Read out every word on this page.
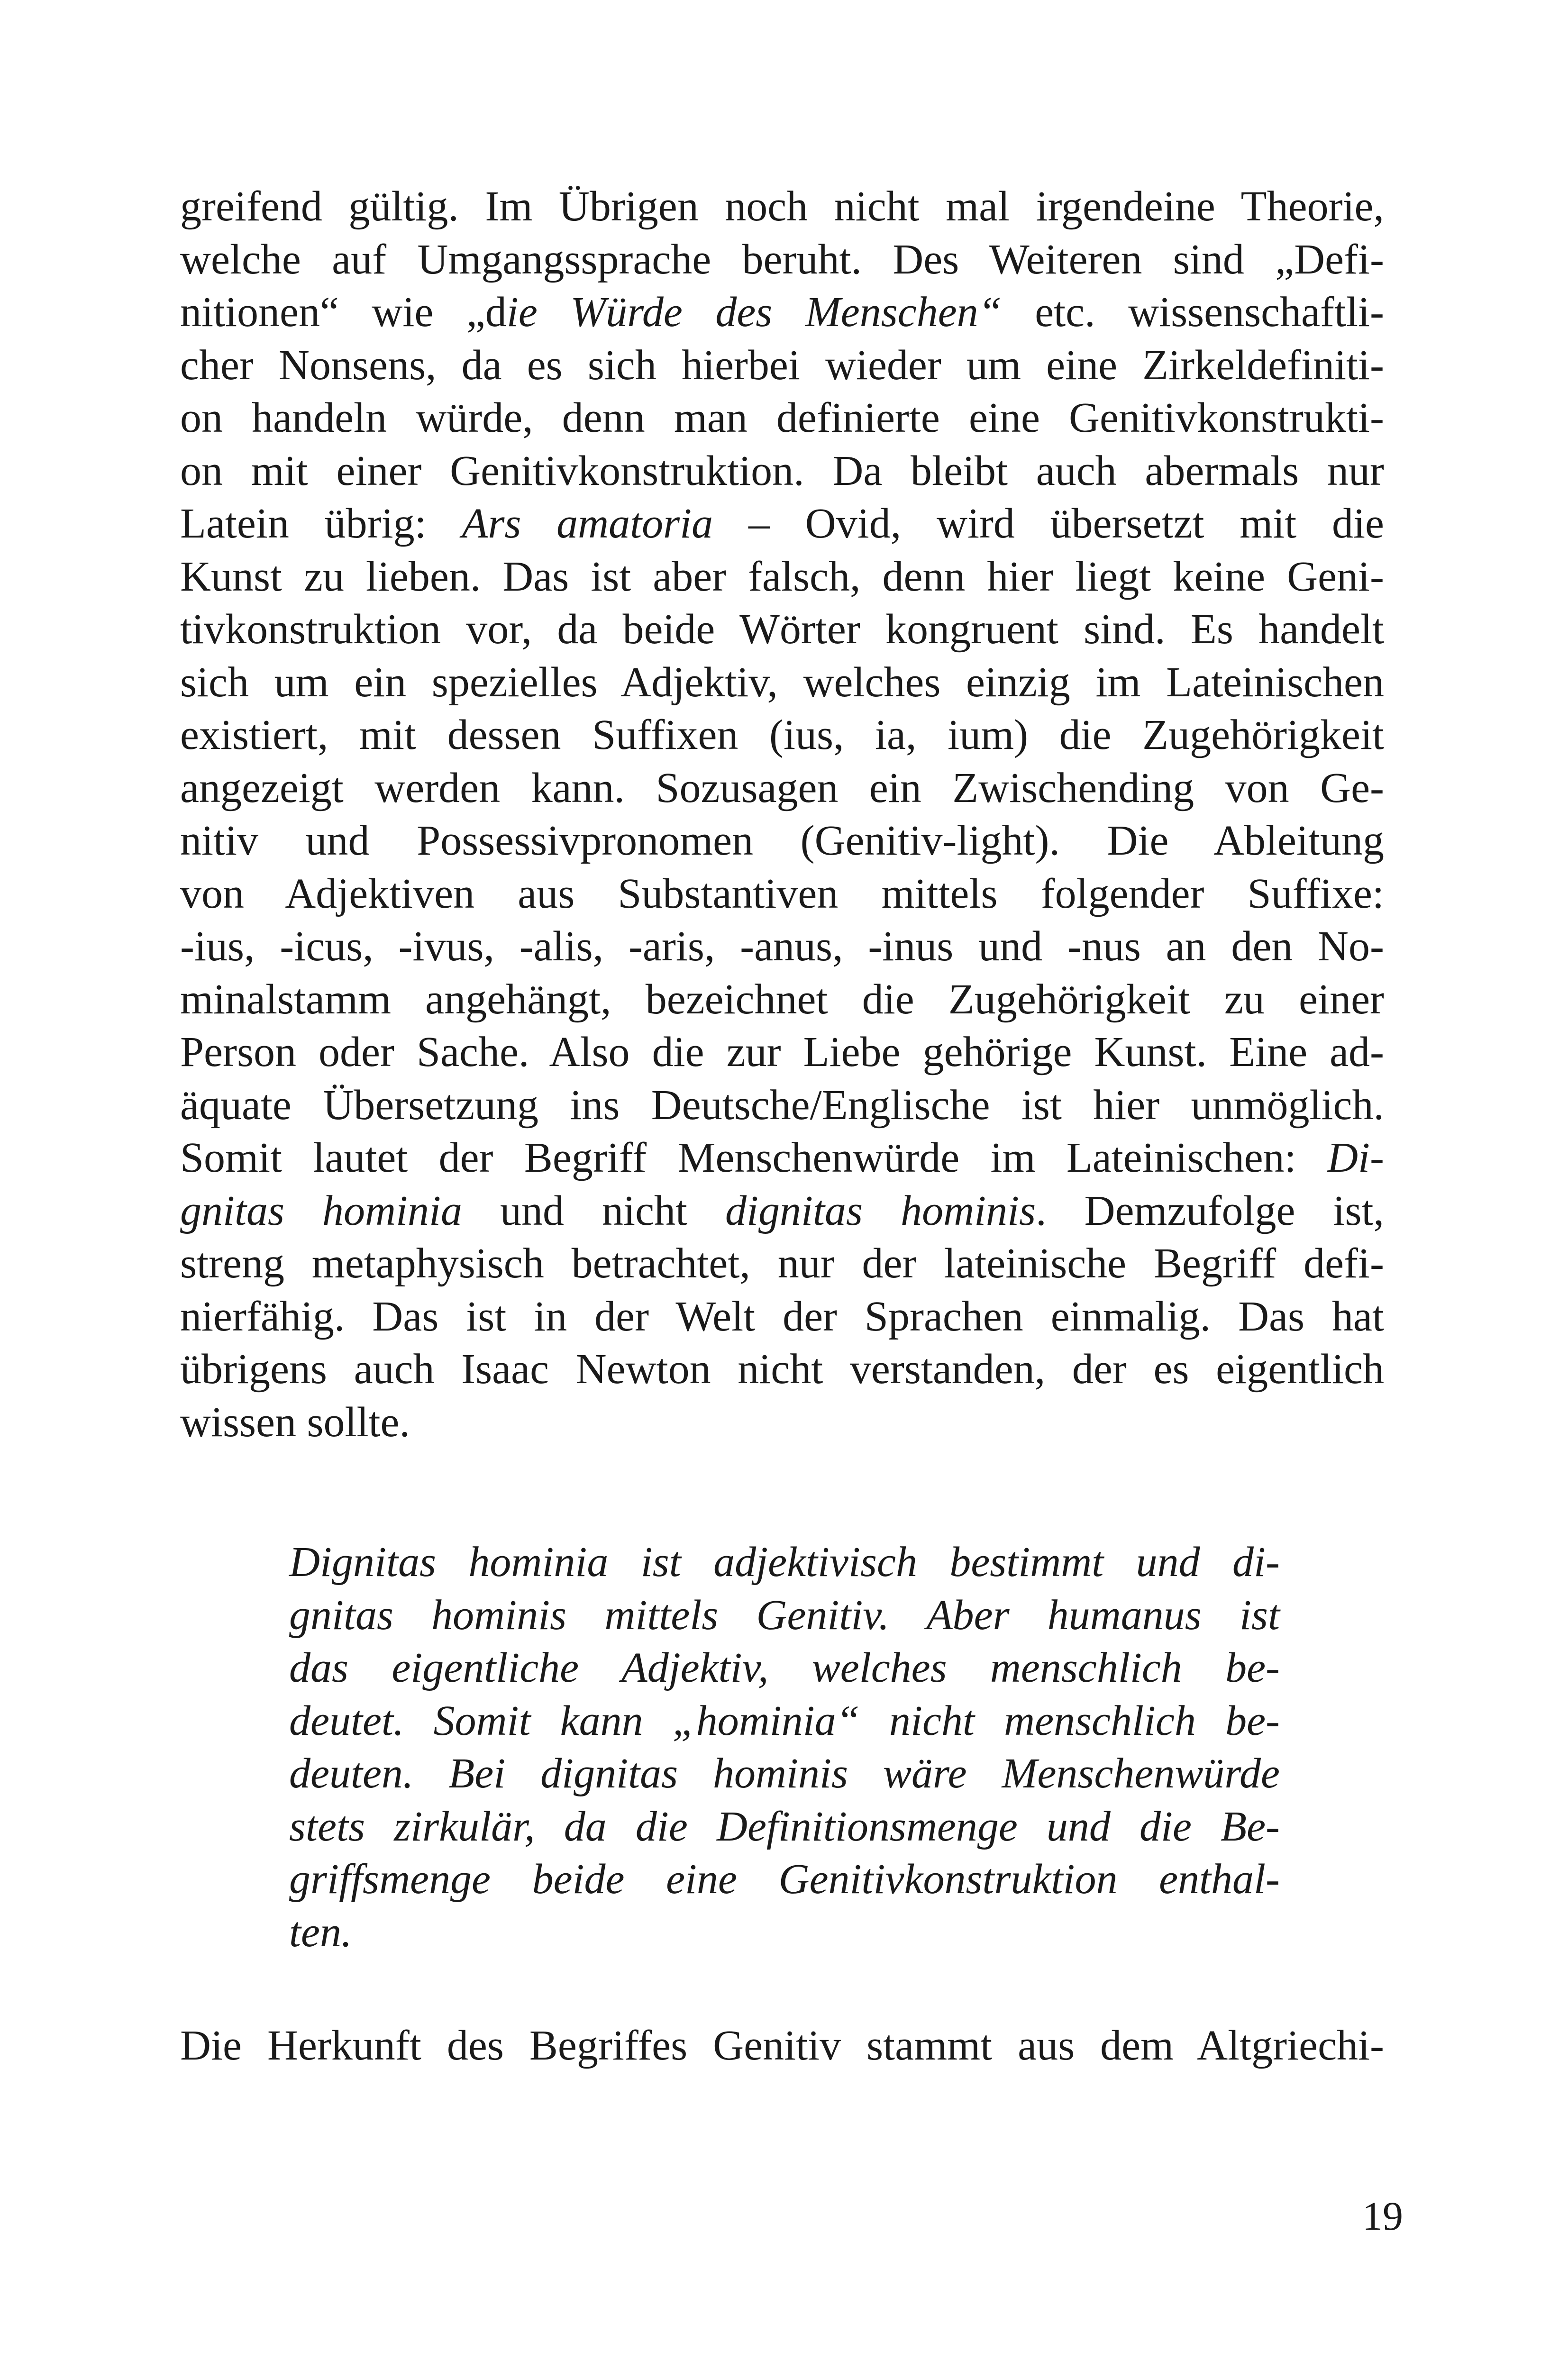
greifend gültig. Im Übrigen noch nicht mal irgendeine Theorie,
welche auf Umgangssprache beruht. Des Weiteren sind „Defi-
nitionen“ wie „die Würde des Menschen“ etc. wissenschaftli-
cher Nonsens, da es sich hierbei wieder um eine Zirkeldefiniti-
on handeln würde, denn man definierte eine Genitivkonstrukti-
on mit einer Genitivkonstruktion. Da bleibt auch abermals nur
Latein übrig: Ars amatoria – Ovid, wird übersetzt mit die
Kunst zu lieben. Das ist aber falsch, denn hier liegt keine Geni-
tivkonstruktion vor, da beide Wörter kongruent sind. Es handelt
sich um ein spezielles Adjektiv, welches einzig im Lateinischen
existiert, mit dessen Suffixen (ius, ia, ium) die Zugehörigkeit
angezeigt werden kann. Sozusagen ein Zwischending von Ge-
nitiv und Possessivpronomen (Genitiv-light). Die Ableitung
von Adjektiven aus Substantiven mittels folgender Suffixe:
-ius, -icus, -ivus, -alis, -aris, -anus, -inus und -nus an den No-
minalstamm angehängt, bezeichnet die Zugehörigkeit zu einer
Person oder Sache. Also die zur Liebe gehörige Kunst. Eine ad-
äquate Übersetzung ins Deutsche/Englische ist hier unmöglich.
Somit lautet der Begriff Menschenwürde im Lateinischen: Di-
gnitas hominia und nicht dignitas hominis. Demzufolge ist,
streng metaphysisch betrachtet, nur der lateinische Begriff defi-
nierfähig. Das ist in der Welt der Sprachen einmalig. Das hat
übrigens auch Isaac Newton nicht verstanden, der es eigentlich
wissen sollte.
Dignitas hominia ist adjektivisch bestimmt und di-
gnitas hominis mittels Genitiv. Aber humanus ist
das eigentliche Adjektiv, welches menschlich be-
deutet. Somit kann „hominia“ nicht menschlich be-
deuten. Bei dignitas hominis wäre Menschenwürde
stets zirkulär, da die Definitionsmenge und die Be-
griffsmenge beide eine Genitivkonstruktion enthal-
ten.
Die Herkunft des Begriffes Genitiv stammt aus dem Altgriechi-
19
